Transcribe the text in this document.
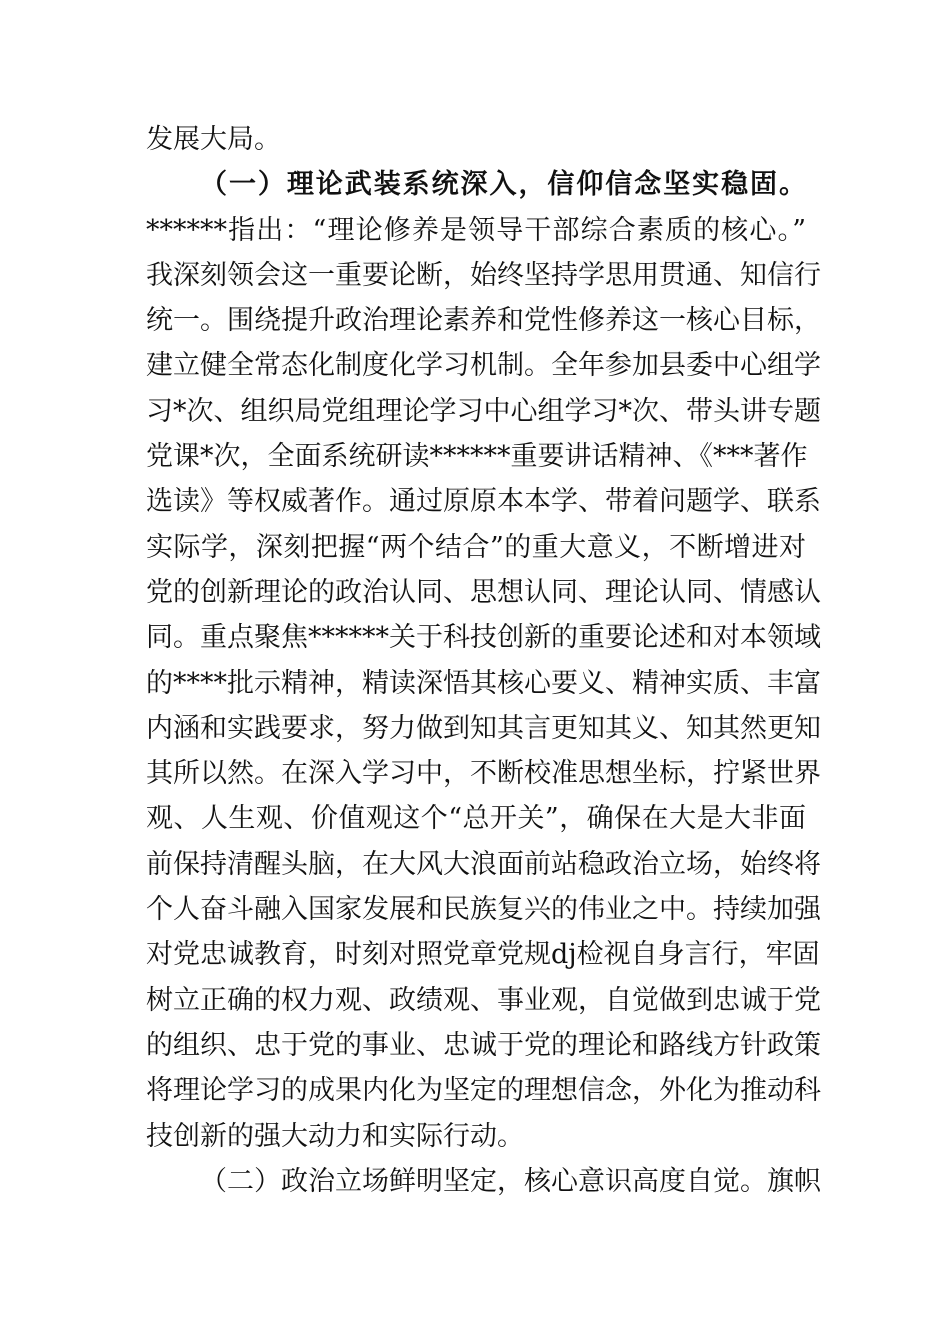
发展大局。
（一）理论武装系统深入，信仰信念坚实稳固。
******指出：“理论修养是领导干部综合素质的核心。”
我深刻领会这一重要论断，始终坚持学思用贯通、知信行
统一。围绕提升政治理论素养和党性修养这一核心目标，
建立健全常态化制度化学习机制。全年参加县委中心组学
习*次、组织局党组理论学习中心组学习*次、带头讲专题
党课*次，全面系统研读******重要讲话精神、《***著作
选读》等权威著作。通过原原本本学、带着问题学、联系
实际学，深刻把握“两个结合”的重大意义，不断增进对
党的创新理论的政治认同、思想认同、理论认同、情感认
同。重点聚焦******关于科技创新的重要论述和对本领域
的****批示精神，精读深悟其核心要义、精神实质、丰富
内涵和实践要求，努力做到知其言更知其义、知其然更知
其所以然。在深入学习中，不断校准思想坐标，拧紧世界
观、人生观、价值观这个“总开关”，确保在大是大非面
前保持清醒头脑，在大风大浪面前站稳政治立场，始终将
个人奋斗融入国家发展和民族复兴的伟业之中。持续加强
对党忠诚教育，时刻对照党章党规dj检视自身言行，牢固
树立正确的权力观、政绩观、事业观，自觉做到忠诚于党
的组织、忠于党的事业、忠诚于党的理论和路线方针政策
将理论学习的成果内化为坚定的理想信念，外化为推动科
技创新的强大动力和实际行动。
（二）政治立场鲜明坚定，核心意识高度自觉。旗帜
